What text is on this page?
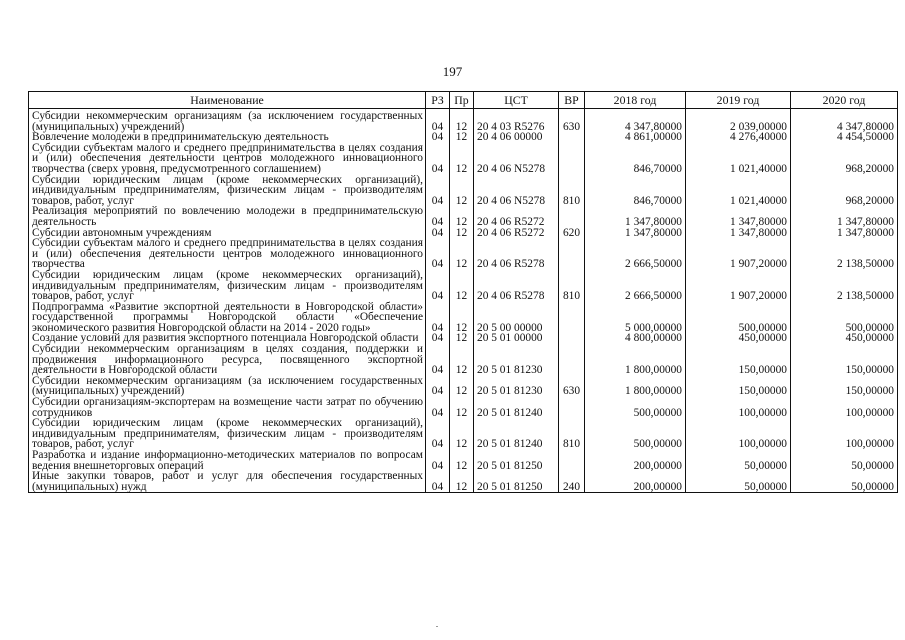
197
Наименование	РЗ	Пр	ЦСТ	ВР	2018 год	2019 год	2020 год
Субсидии некоммерческим организациям (за исключением государственных (муниципальных) учреждений)	04	12	20 4 03 R5276	630	4 347,80000	2 039,00000	4 347,80000
Вовлечение молодежи в предпринимательскую деятельность	04	12	20 4 06 00000		4 861,00000	4 276,40000	4 454,50000
Субсидии субъектам малого и среднего предпринимательства в целях создания и (или) обеспечения деятельности центров молодежного инновационного творчества (сверх уровня, предусмотренного соглашением)	04	12	20 4 06 N5278		846,70000	1 021,40000	968,20000
Субсидии юридическим лицам (кроме некоммерческих организаций), индивидуальным предпринимателям, физическим лицам - производителям товаров, работ, услуг	04	12	20 4 06 N5278	810	846,70000	1 021,40000	968,20000
Реализация мероприятий по вовлечению молодежи в предпринимательскую деятельность	04	12	20 4 06 R5272		1 347,80000	1 347,80000	1 347,80000
Субсидии автономным учреждениям	04	12	20 4 06 R5272	620	1 347,80000	1 347,80000	1 347,80000
Субсидии субъектам малого и среднего предпринимательства в целях создания и (или) обеспечения деятельности центров молодежного инновационного творчества	04	12	20 4 06 R5278		2 666,50000	1 907,20000	2 138,50000
Субсидии юридическим лицам (кроме некоммерческих организаций), индивидуальным предпринимателям, физическим лицам - производителям товаров, работ, услуг	04	12	20 4 06 R5278	810	2 666,50000	1 907,20000	2 138,50000
Подпрограмма «Развитие экспортной деятельности в Новгородской области» государственной программы Новгородской области «Обеспечение экономического развития Новгородской области на 2014 - 2020 годы»	04	12	20 5 00 00000		5 000,00000	500,00000	500,00000
Создание условий для развития экспортного потенциала Новгородской области	04	12	20 5 01 00000		4 800,00000	450,00000	450,00000
Субсидии некоммерческим организациям в целях создания, поддержки и продвижения информационного ресурса, посвященного экспортной деятельности в Новгородской области	04	12	20 5 01 81230		1 800,00000	150,00000	150,00000
Субсидии некоммерческим организациям (за исключением государственных (муниципальных) учреждений)	04	12	20 5 01 81230	630	1 800,00000	150,00000	150,00000
Субсидии организациям-экспортерам на возмещение части затрат по обучению сотрудников	04	12	20 5 01 81240		500,00000	100,00000	100,00000
Субсидии юридическим лицам (кроме некоммерческих организаций), индивидуальным предпринимателям, физическим лицам - производителям товаров, работ, услуг	04	12	20 5 01 81240	810	500,00000	100,00000	100,00000
Разработка и издание информационно-методических материалов по вопросам ведения внешнеторговых операций	04	12	20 5 01 81250		200,00000	50,00000	50,00000
Иные закупки товаров, работ и услуг для обеспечения государственных (муниципальных) нужд	04	12	20 5 01 81250	240	200,00000	50,00000	50,00000
